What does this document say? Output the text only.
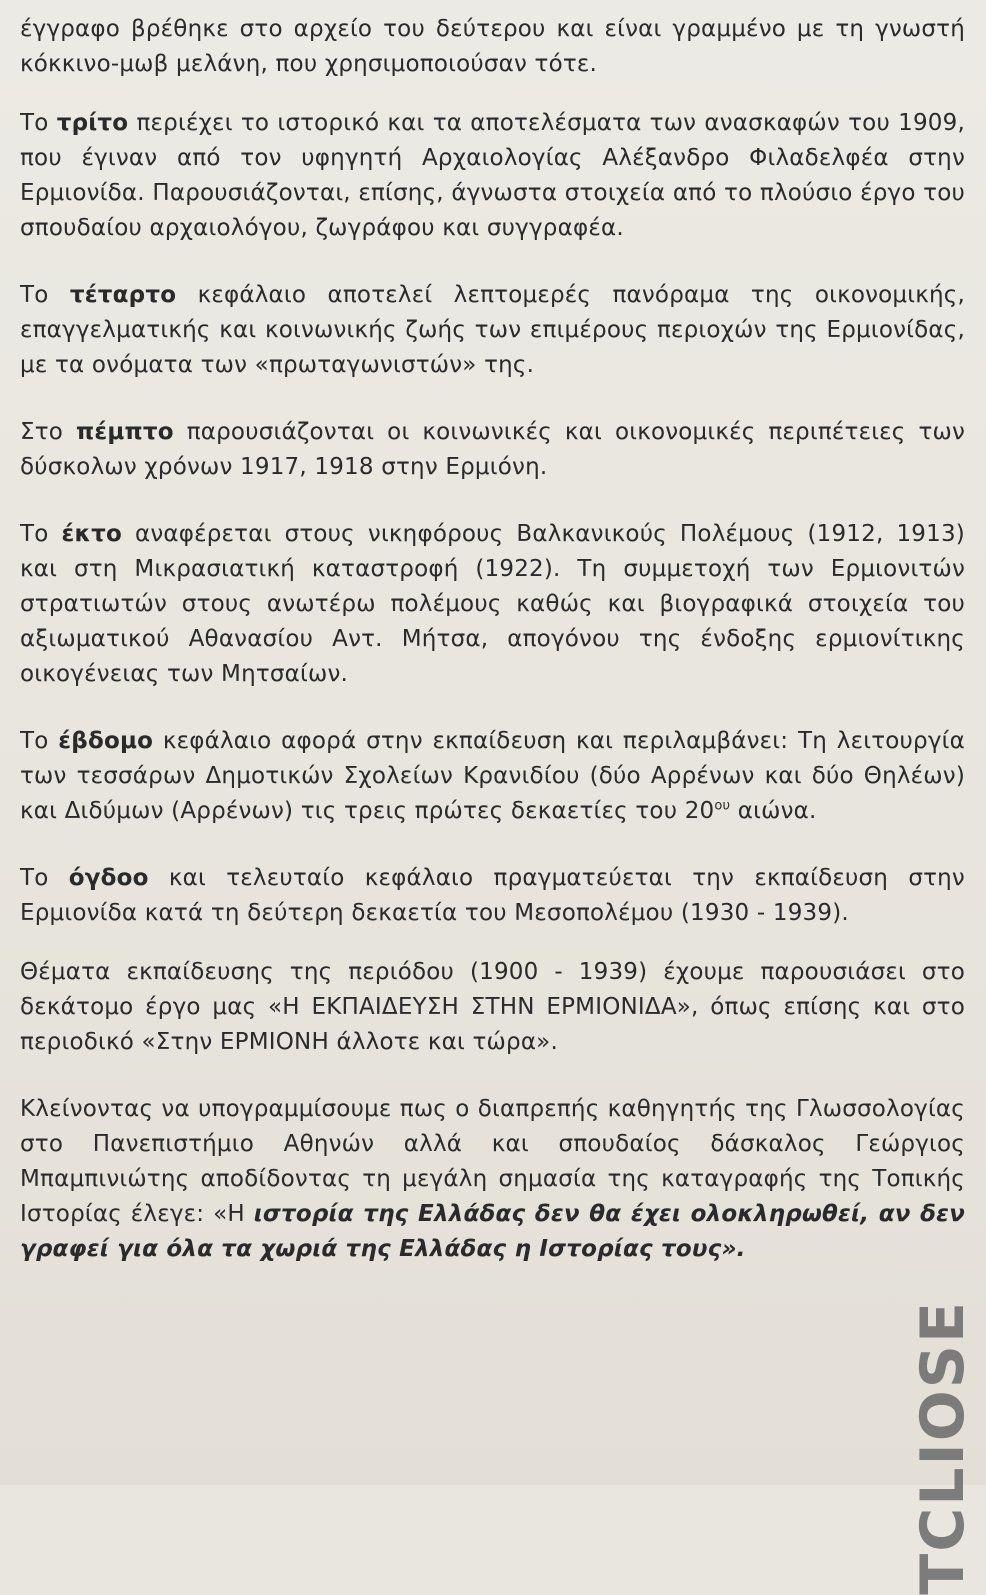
έγγραφο βρέθηκε στο αρχείο του δεύτερου και είναι γραμμένο με τη γνωστή κόκκινο-μωβ μελάνη, που χρησιμοποιούσαν τότε.

Το τρίτο περιέχει το ιστορικό και τα αποτελέσματα των ανασκαφών του 1909, που έγιναν από τον υφηγητή Αρχαιολογίας Αλέξανδρο Φιλαδελφέα στην Ερμιονίδα. Παρουσιάζονται, επίσης, άγνωστα στοιχεία από το πλούσιο έργο του σπουδαίου αρχαιολόγου, ζωγράφου και συγγραφέα.

Το τέταρτο κεφάλαιο αποτελεί λεπτομερές πανόραμα της οικονομικής, επαγγελματικής και κοινωνικής ζωής των επιμέρους περιοχών της Ερμιονίδας, με τα ονόματα των «πρωταγωνιστών» της.

Στο πέμπτο παρουσιάζονται οι κοινωνικές και οικονομικές περιπέτειες των δύσκολων χρόνων 1917, 1918 στην Ερμιόνη.

Το έκτο αναφέρεται στους νικηφόρους Βαλκανικούς Πολέμους (1912, 1913) και στη Μικρασιατική καταστροφή (1922). Τη συμμετοχή των Ερμιονιτών στρατιωτών στους ανωτέρω πολέμους καθώς και βιογραφικά στοιχεία του αξιωματικού Αθανασίου Αντ. Μήτσα, απογόνου της ένδοξης ερμιονίτικης οικογένειας των Μητσαίων.

Το έβδομο κεφάλαιο αφορά στην εκπαίδευση και περιλαμβάνει: Τη λειτουργία των τεσσάρων Δημοτικών Σχολείων Κρανιδίου (δύο Αρρένων και δύο Θηλέων) και Διδύμων (Αρρένων) τις τρεις πρώτες δεκαετίες του $20^{o\upsilon}$ αιώνα.

Το όγδοο και τελευταίο κεφάλαιο πραγματεύεται την εκπαίδευση στην Ερμιονίδα κατά τη δεύτερη δεκαετία του Μεσοπολέμου (1930 - 1939).

Θέματα εκπαίδευσης της περιόδου (1900 - 1939) έχουμε παρουσιάσει στο δεκάτομο έργο μας «Η ΕΚΠΑΙΔΕΥΣΗ ΣΤΗΝ ΕΡΜΙΟΝΙΔΑ», όπως επίσης και στο περιοδικό «Στην ΕΡΜΙΟΝΗ άλλοτε και τώρα».

Κλείνοντας να υπογραμμίσουμε πως ο διαπρεπής καθηγητής της Γλωσσολογίας στο Πανεπιστήμιο Αθηνών αλλά και σπουδαίος δάσκαλος Γεώργιος Μπαμπινιώτης αποδίδοντας τη μεγάλη σημασία της καταγραφής της Τοπικής Ιστορίας έλεγε: «Η ιστορία της Ελλάδας δεν θα έχει ολοκληρωθεί, αν δεν γραφεί για όλα τα χωριά της Ελλάδας η Ιστορίας τους».

TCLIOSE
